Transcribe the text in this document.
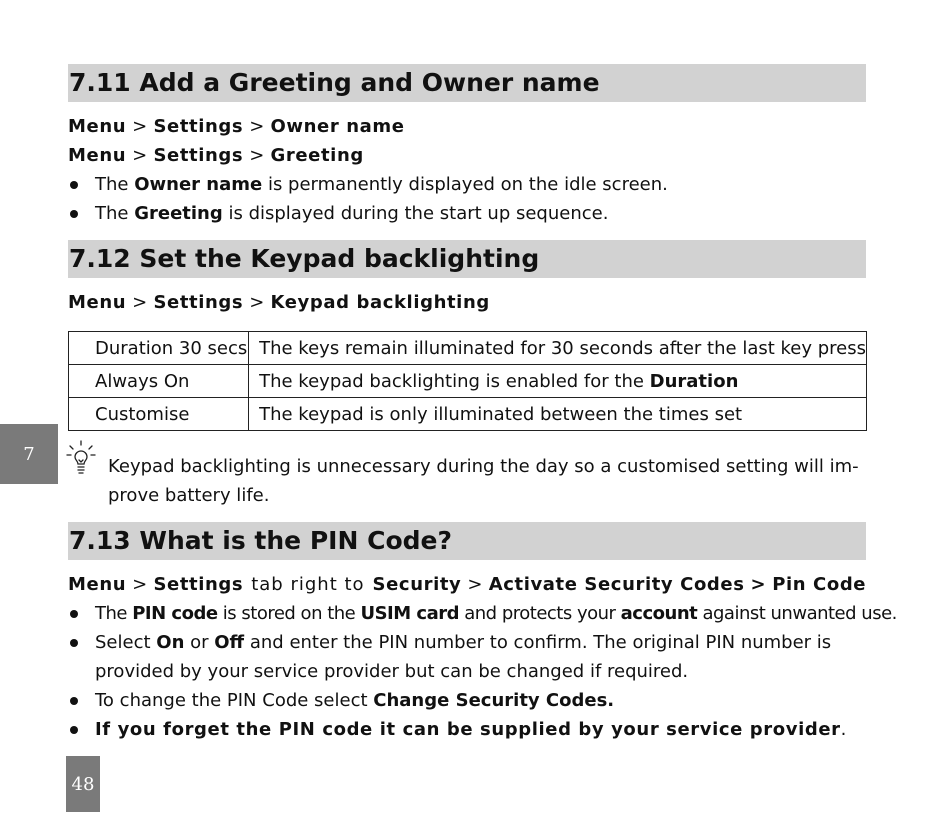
7.11 Add a Greeting and Owner name
Menu > Settings > Owner name
Menu > Settings > Greeting
The Owner name is permanently displayed on the idle screen.
The Greeting is displayed during the start up sequence.
7.12 Set the Keypad backlighting
Menu > Settings > Keypad backlighting
Duration 30 secs	The keys remain illuminated for 30 seconds after the last key press
Always On	The keypad backlighting is enabled for the Duration
Customise	The keypad is only illuminated between the times set
7
Keypad backlighting is unnecessary during the day so a customised setting will im-
prove battery life.
7.13 What is the PIN Code?
Menu > Settings tab right to Security > Activate Security Codes > Pin Code
The PIN code is stored on the USIM card and protects your account against unwanted use.
Select On or Off and enter the PIN number to confirm. The original PIN number is
provided by your service provider but can be changed if required.
To change the PIN Code select Change Security Codes.
If you forget the PIN code it can be supplied by your service provider.
48
